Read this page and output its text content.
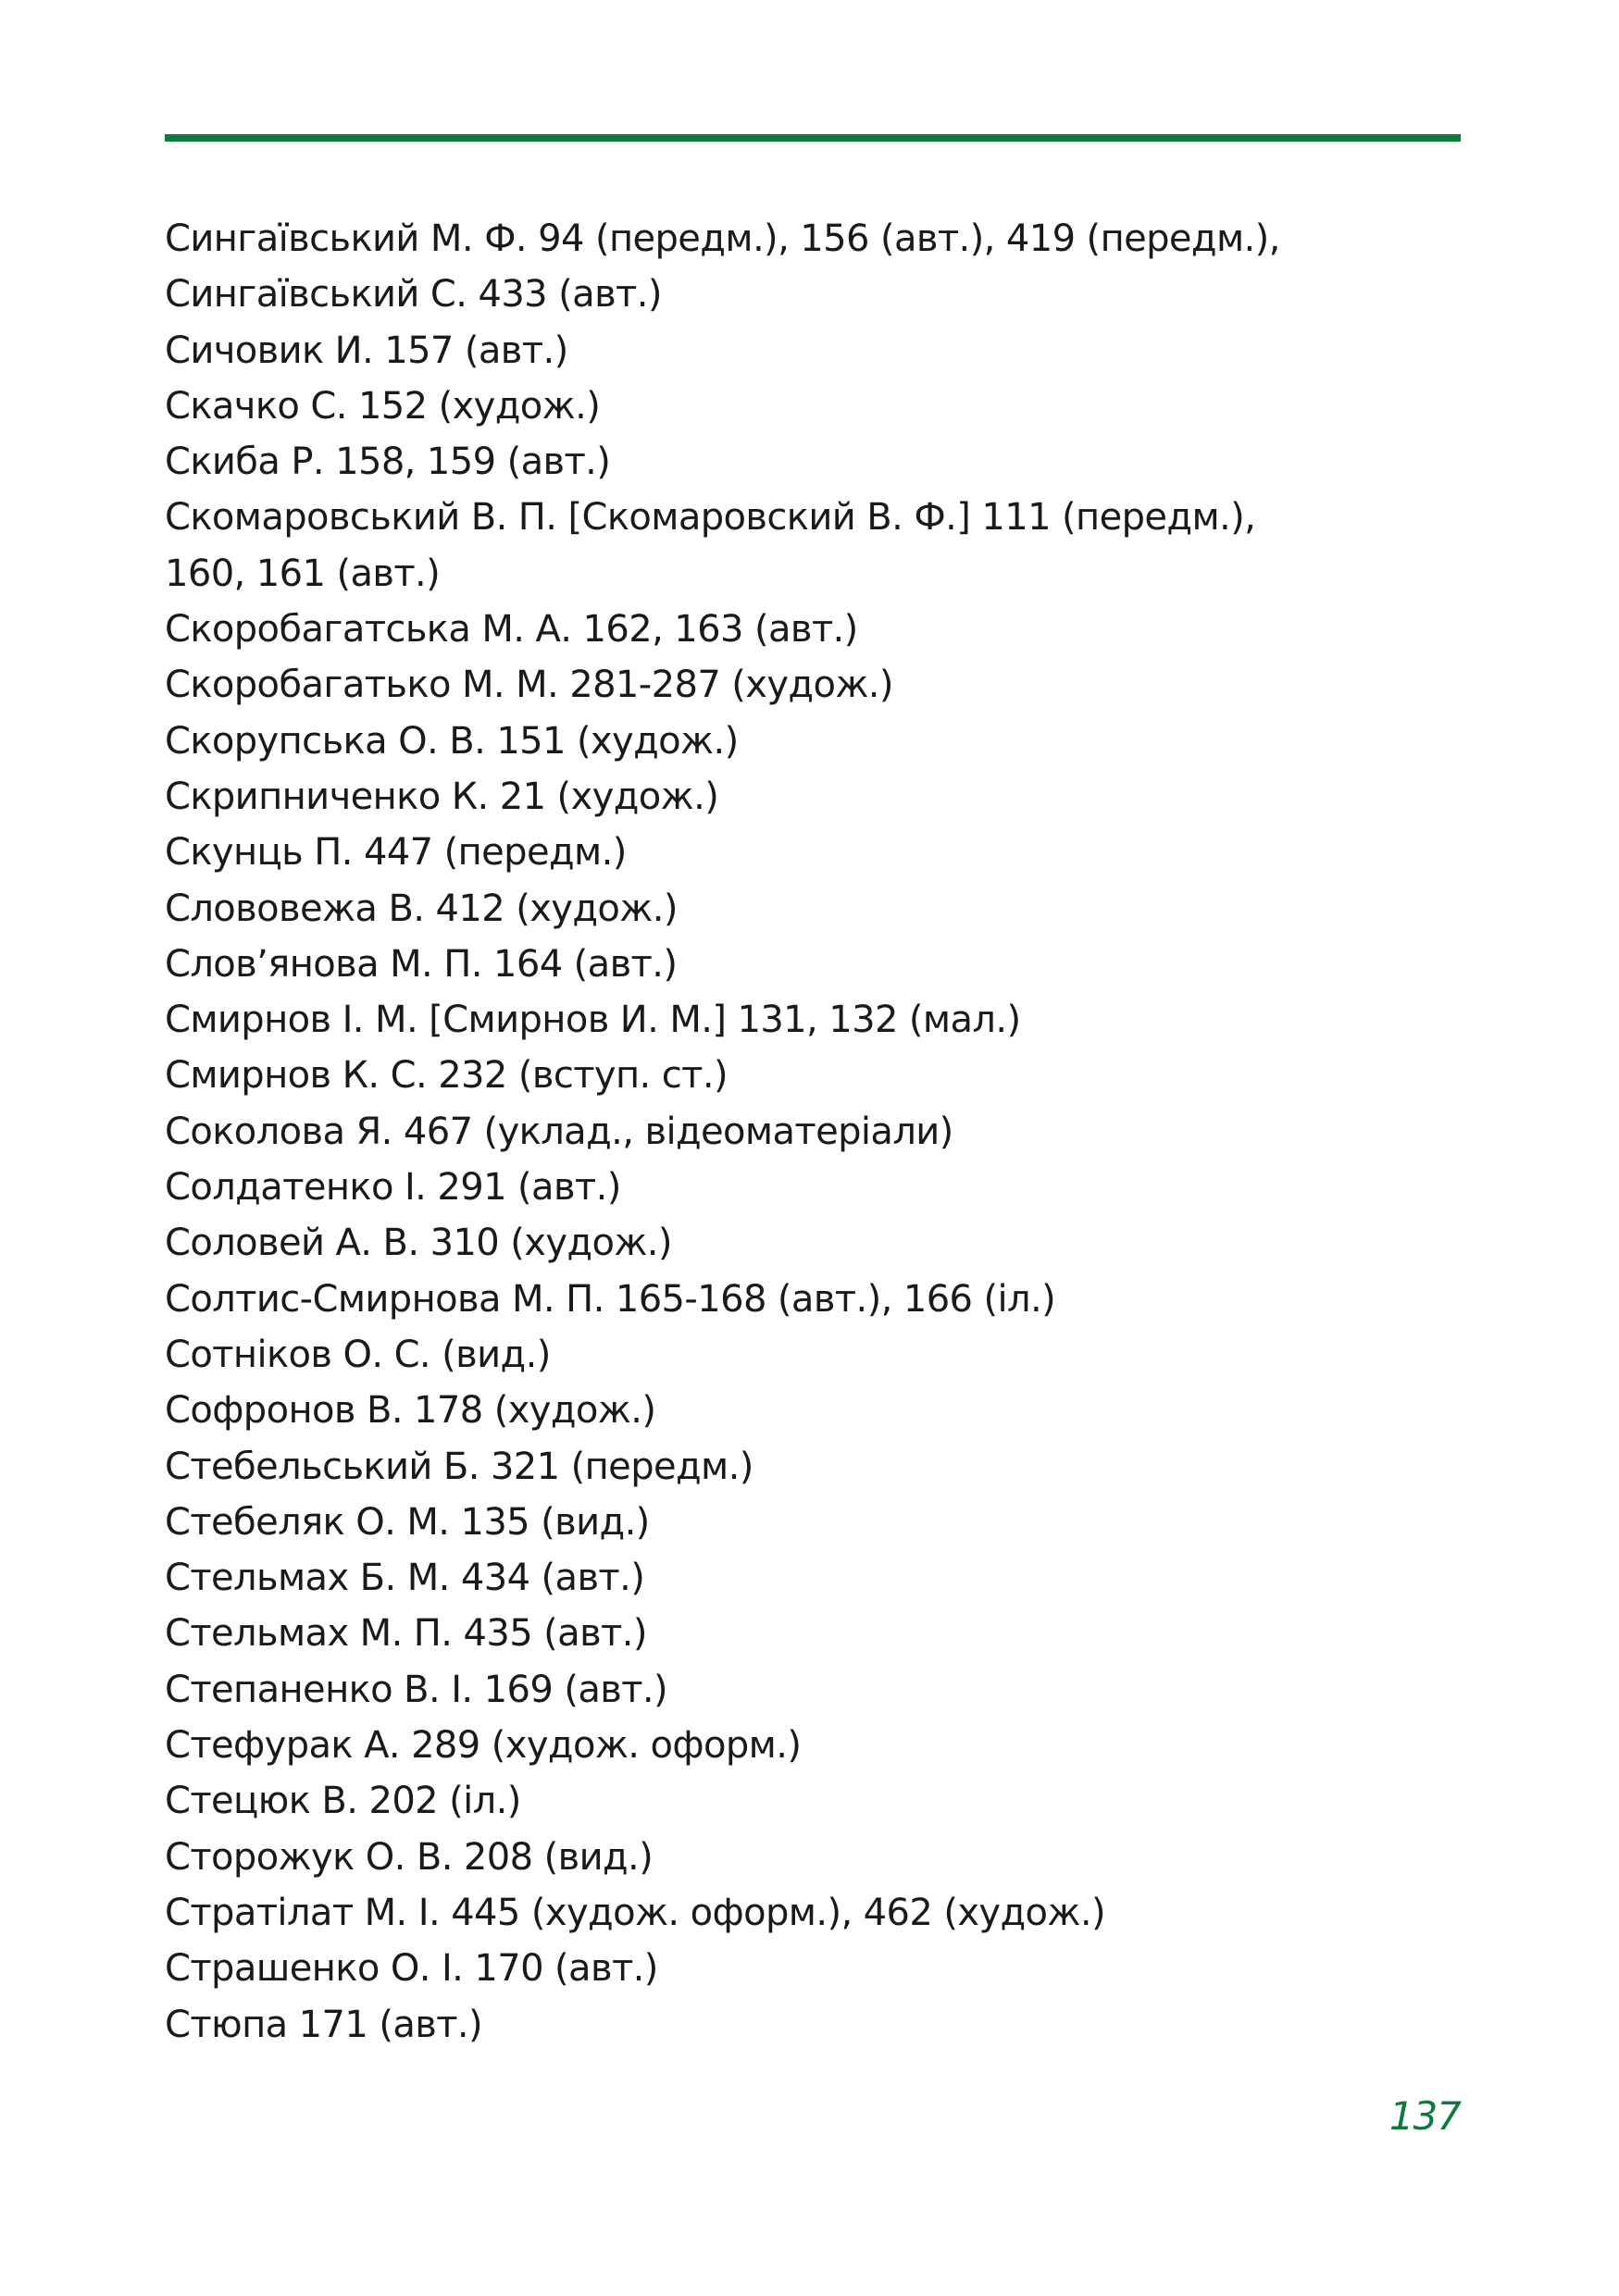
Сингаївський М. Ф. 94 (передм.), 156 (авт.), 419 (передм.),
Сингаївський С. 433 (авт.)
Сичовик И. 157 (авт.)
Скачко С. 152 (худож.)
Скиба Р. 158, 159 (авт.)
Скомаровський В. П. [Скомаровский В. Ф.] 111 (передм.),
160, 161 (авт.)
Скоробагатська М. А. 162, 163 (авт.)
Скоробагатько М. М. 281-287 (худож.)
Скорупська О. В. 151 (худож.)
Скрипниченко К. 21 (худож.)
Скунць П. 447 (передм.)
Слововежа В. 412 (худож.)
Слов’янова М. П. 164 (авт.)
Смирнов І. М. [Смирнов И. М.] 131, 132 (мал.)
Смирнов К. С. 232 (вступ. ст.)
Соколова Я. 467 (уклад., відеоматеріали)
Солдатенко І. 291 (авт.)
Соловей А. В. 310 (худож.)
Солтис-Смирнова М. П. 165-168 (авт.), 166 (іл.)
Сотніков О. С. (вид.)
Софронов В. 178 (худож.)
Стебельський Б. 321 (передм.)
Стебеляк О. М. 135 (вид.)
Стельмах Б. М. 434 (авт.)
Стельмах М. П. 435 (авт.)
Степаненко В. І. 169 (авт.)
Стефурак А. 289 (худож. оформ.)
Стецюк В. 202 (іл.)
Сторожук О. В. 208 (вид.)
Стратілат М. І. 445 (худож. оформ.), 462 (худож.)
Страшенко О. І. 170 (авт.)
Стюпа 171 (авт.)
137
